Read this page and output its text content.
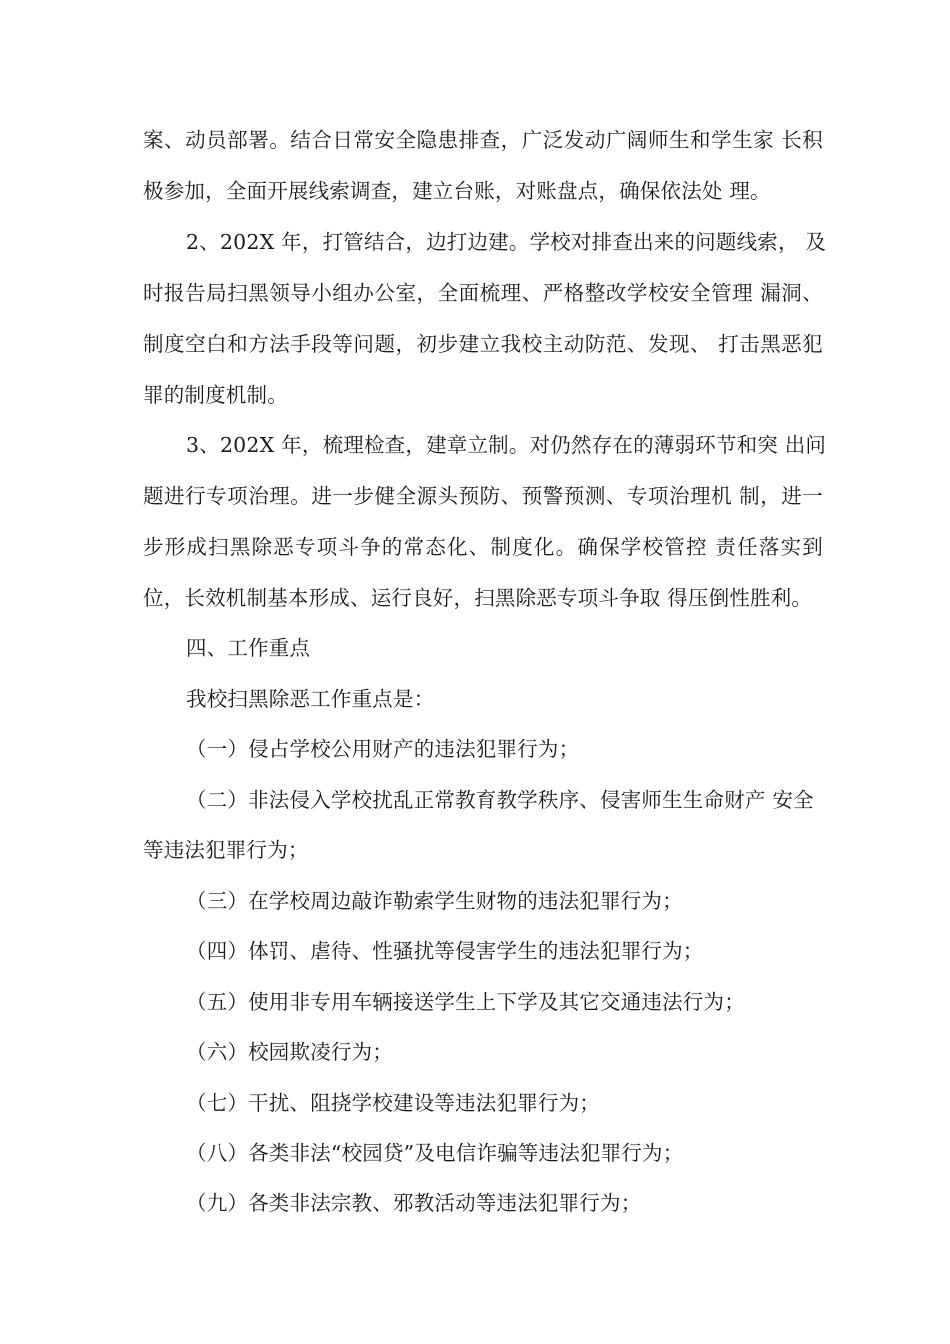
案、动员部署。结合日常安全隐患排查，广泛发动广阔师生和学生家 长积
极参加，全面开展线索调查，建立台账，对账盘点，确保依法处 理。
2、202X 年，打管结合，边打边建。学校对排查出来的问题线索， 及
时报告局扫黑领导小组办公室，全面梳理、严格整改学校安全管理 漏洞、
制度空白和方法手段等问题，初步建立我校主动防范、发现、 打击黑恶犯
罪的制度机制。
3、202X 年，梳理检查，建章立制。对仍然存在的薄弱环节和突 出问
题进行专项治理。进一步健全源头预防、预警预测、专项治理机 制，进一
步形成扫黑除恶专项斗争的常态化、制度化。确保学校管控 责任落实到
位，长效机制基本形成、运行良好，扫黑除恶专项斗争取 得压倒性胜利。
四、工作重点
我校扫黑除恶工作重点是：
（一）侵占学校公用财产的违法犯罪行为；
（二）非法侵入学校扰乱正常教育教学秩序、侵害师生生命财产 安全
等违法犯罪行为；
（三）在学校周边敲诈勒索学生财物的违法犯罪行为；
（四）体罚、虐待、性骚扰等侵害学生的违法犯罪行为；
（五）使用非专用车辆接送学生上下学及其它交通违法行为；
（六）校园欺凌行为；
（七）干扰、阻挠学校建设等违法犯罪行为；
（八）各类非法“校园贷”及电信诈骗等违法犯罪行为；
（九）各类非法宗教、邪教活动等违法犯罪行为；
